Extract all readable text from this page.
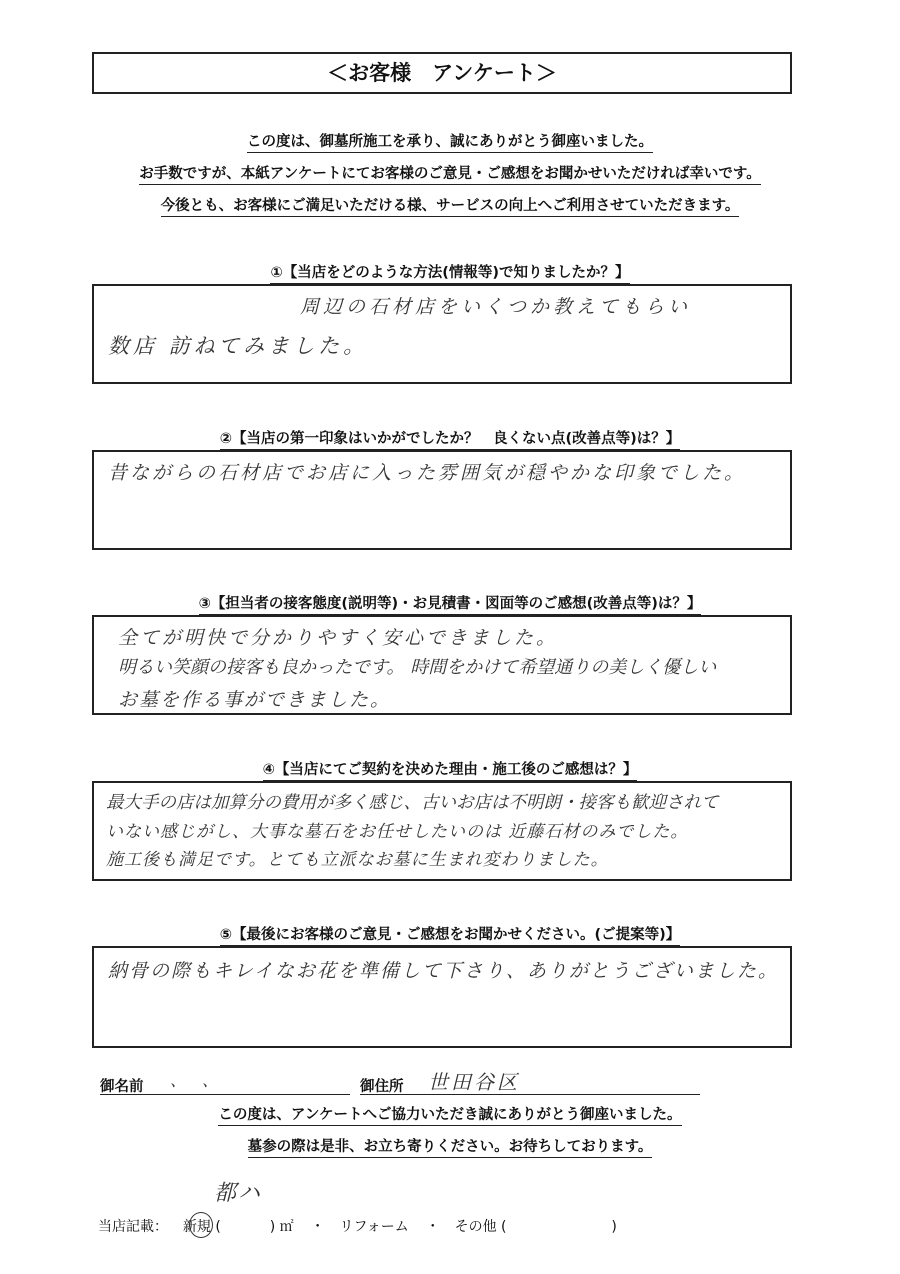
＜お客様　アンケート＞
この度は、御墓所施工を承り、誠にありがとう御座いました。
お手数ですが、本紙アンケートにてお客様のご意見・ご感想をお聞かせいただければ幸いです。
今後とも、お客様にご満足いただける様、サービスの向上へご利用させていただきます。
①【当店をどのような方法(情報等)で知りましたか？】
周辺の石材店をいくつか教えてもらい
数店 訪ねてみました。
②【当店の第一印象はいかがでしたか？　良くない点(改善点等)は？】
昔ながらの石材店でお店に入った雰囲気が穏やかな印象でした。
③【担当者の接客態度(説明等)・お見積書・図面等のご感想(改善点等)は？】
全てが明快で分かりやすく安心できました。
明るい笑顔の接客も良かったです。 時間をかけて希望通りの美しく優しい
お墓を作る事ができました。
④【当店にてご契約を決めた理由・施工後のご感想は？】
最大手の店は加算分の費用が多く感じ、古いお店は不明朗・接客も歓迎されて
いない感じがし、大事な墓石をお任せしたいのは 近藤石材のみでした。
施工後も満足です。とても立派なお墓に生まれ変わりました。
⑤【最後にお客様のご意見・ご感想をお聞かせください。(ご提案等)】
納骨の際もキレイなお花を準備して下さり、ありがとうございました。
御名前 、　、	御住所 世田谷区
この度は、アンケートへご協力いただき誠にありがとう御座いました。
墓参の際は是非、お立ち寄りください。お待ちしております。
都ハ
当店記載： 新規 (	) ㎡ ・ リフォーム ・ その他 (	)
